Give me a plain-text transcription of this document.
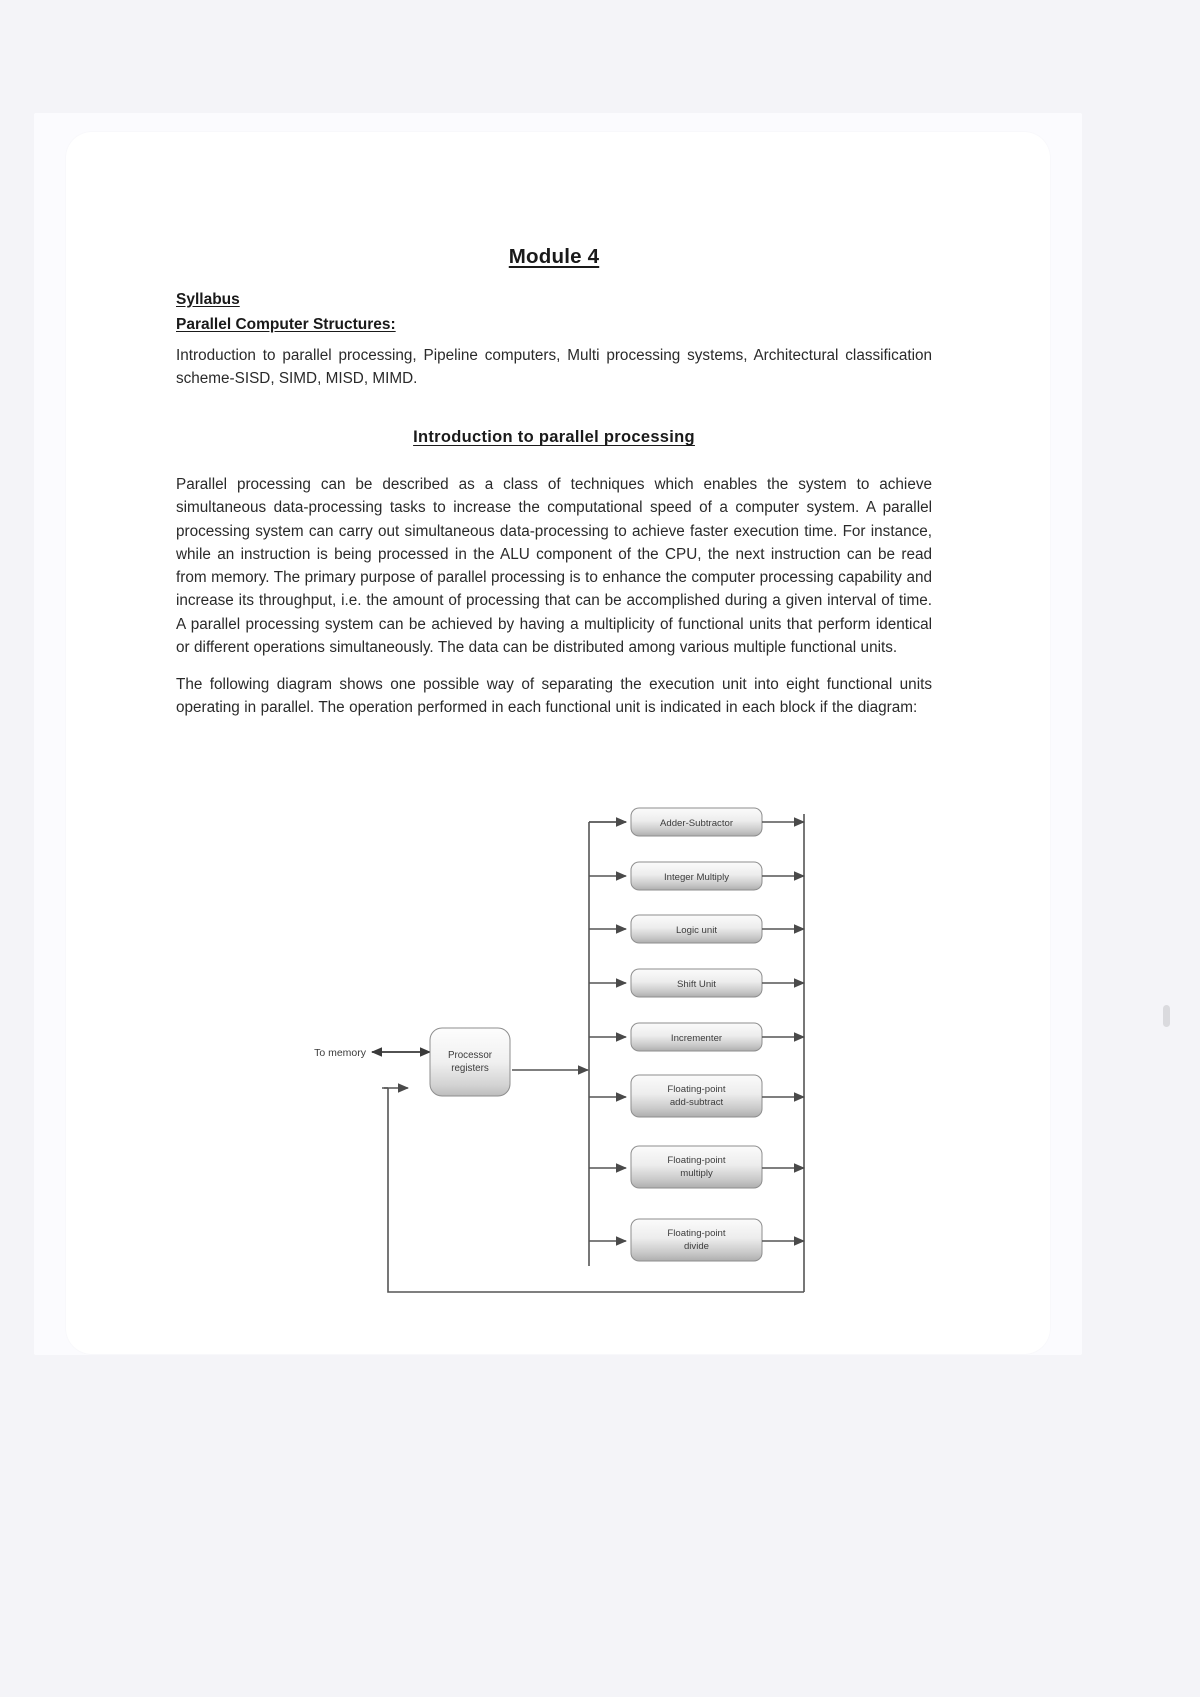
Module 4
Syllabus
Parallel Computer Structures:

Introduction to parallel processing, Pipeline computers, Multi processing systems, Architectural classification scheme-SISD, SIMD, MISD, MIMD.

Introduction to parallel processing

Parallel processing can be described as a class of techniques which enables the system to achieve simultaneous data-processing tasks to increase the computational speed of a computer system. A parallel processing system can carry out simultaneous data-processing to achieve faster execution time. For instance, while an instruction is being processed in the ALU component of the CPU, the next instruction can be read from memory. The primary purpose of parallel processing is to enhance the computer processing capability and increase its throughput, i.e. the amount of processing that can be accomplished during a given interval of time. A parallel processing system can be achieved by having a multiplicity of functional units that perform identical or different operations simultaneously. The data can be distributed among various multiple functional units.

The following diagram shows one possible way of separating the execution unit into eight functional units operating in parallel. The operation performed in each functional unit is indicated in each block if the diagram:

To memory	Processor
registers
Adder-Subtractor
Integer Multiply
Logic unit
Shift Unit
Incrementer
Floating-point
add-subtract
Floating-point
multiply
Floating-point
divide
